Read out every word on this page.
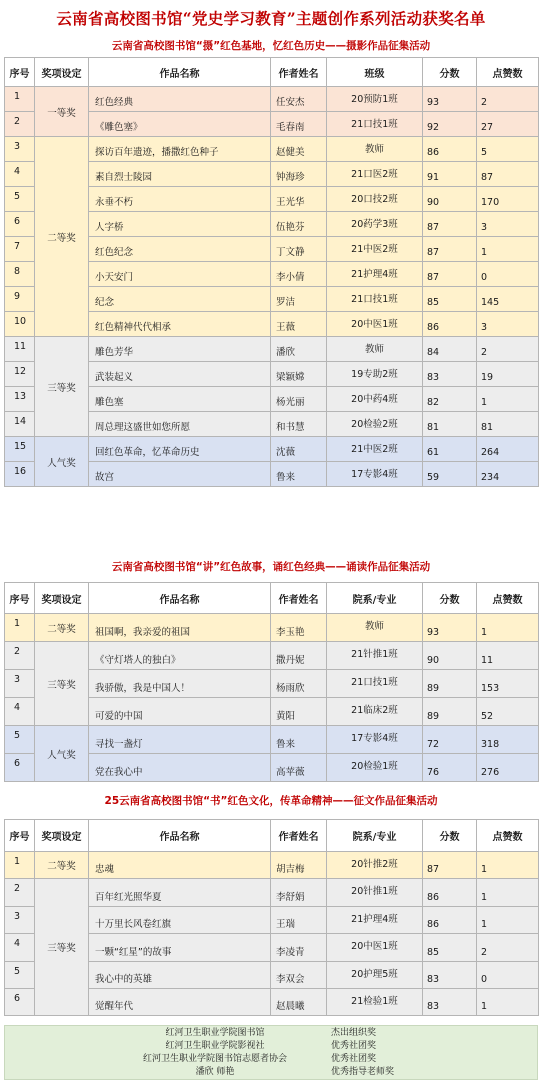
云南省高校图书馆“党史学习教育”主题创作系列活动获奖名单
云南省高校图书馆“摄”红色基地，忆红色历史——摄影作品征集活动
序号	奖项设定	作品名称	作者姓名	班级	分数	点赞数
1	一等奖	红色经典	任安杰	20预防1班	93	2
2		《雕色塞》	毛春南	21口技1班	92	27
3	二等奖	探访百年遗迹，播撒红色种子	赵健美	教师	86	5
4		素自烈士陵园	钟海珍	21口医2班	91	87
5		永垂不朽	王光华	20口技2班	90	170
6		人字桥	伍艳芬	20药学3班	87	3
7		红色纪念	丁文静	21中医2班	87	1
8		小天安门	李小倩	21护理4班	87	0
9		纪念	罗洁	21口技1班	85	145
10		红色精神代代相承	王薇	20中医1班	86	3
11	三等奖	雕色芳华	潘欣	教师	84	2
12		武装起义	梁颖嫦	19专助2班	83	19
13		雕色塞	杨光丽	20中药4班	82	1
14		周总理这盛世如您所愿	和书慧	20检验2班	81	81
15	人气奖	回红色革命，忆革命历史	沈薇	21中医2班	61	264
16		故宫	鲁来	17专影4班	59	234
云南省高校图书馆“讲”红色故事，诵红色经典——诵读作品征集活动
序号	奖项设定	作品名称	作者姓名	院系/专业	分数	点赞数
1	二等奖	祖国啊，我亲爱的祖国	李玉艳	教师	93	1
2	三等奖	《守灯塔人的独白》	撒丹妮	21针推1班	90	11
3		我骄傲，我是中国人！	杨雨欣	21口技1班	89	153
4		可爱的中国	黄阳	21临床2班	89	52
5	人气奖	寻找一盏灯	鲁来	17专影4班	72	318
6		党在我心中	高苹薇	20检验1班	76	276
25云南省高校图书馆“书”红色文化，传革命精神——征文作品征集活动
序号	奖项设定	作品名称	作者姓名	院系/专业	分数	点赞数
1	二等奖	忠魂	胡吉梅	20针推2班	87	1
2	三等奖	百年红光照华夏	李舒娟	20针推1班	86	1
3		十万里长风卷红旗	王瑞	21护理4班	86	1
4		一颗“红星”的故事	李凌青	20中医1班	85	2
5		我心中的英雄	李双会	20护理5班	83	0
6		觉醒年代	赵晨曦	21检验1班	83	1
红河卫生职业学院图书馆	杰出组织奖
红河卫生职业学院影视社	优秀社团奖
红河卫生职业学院图书馆志愿者协会	优秀社团奖
潘欣 师艳	优秀指导老师奖
